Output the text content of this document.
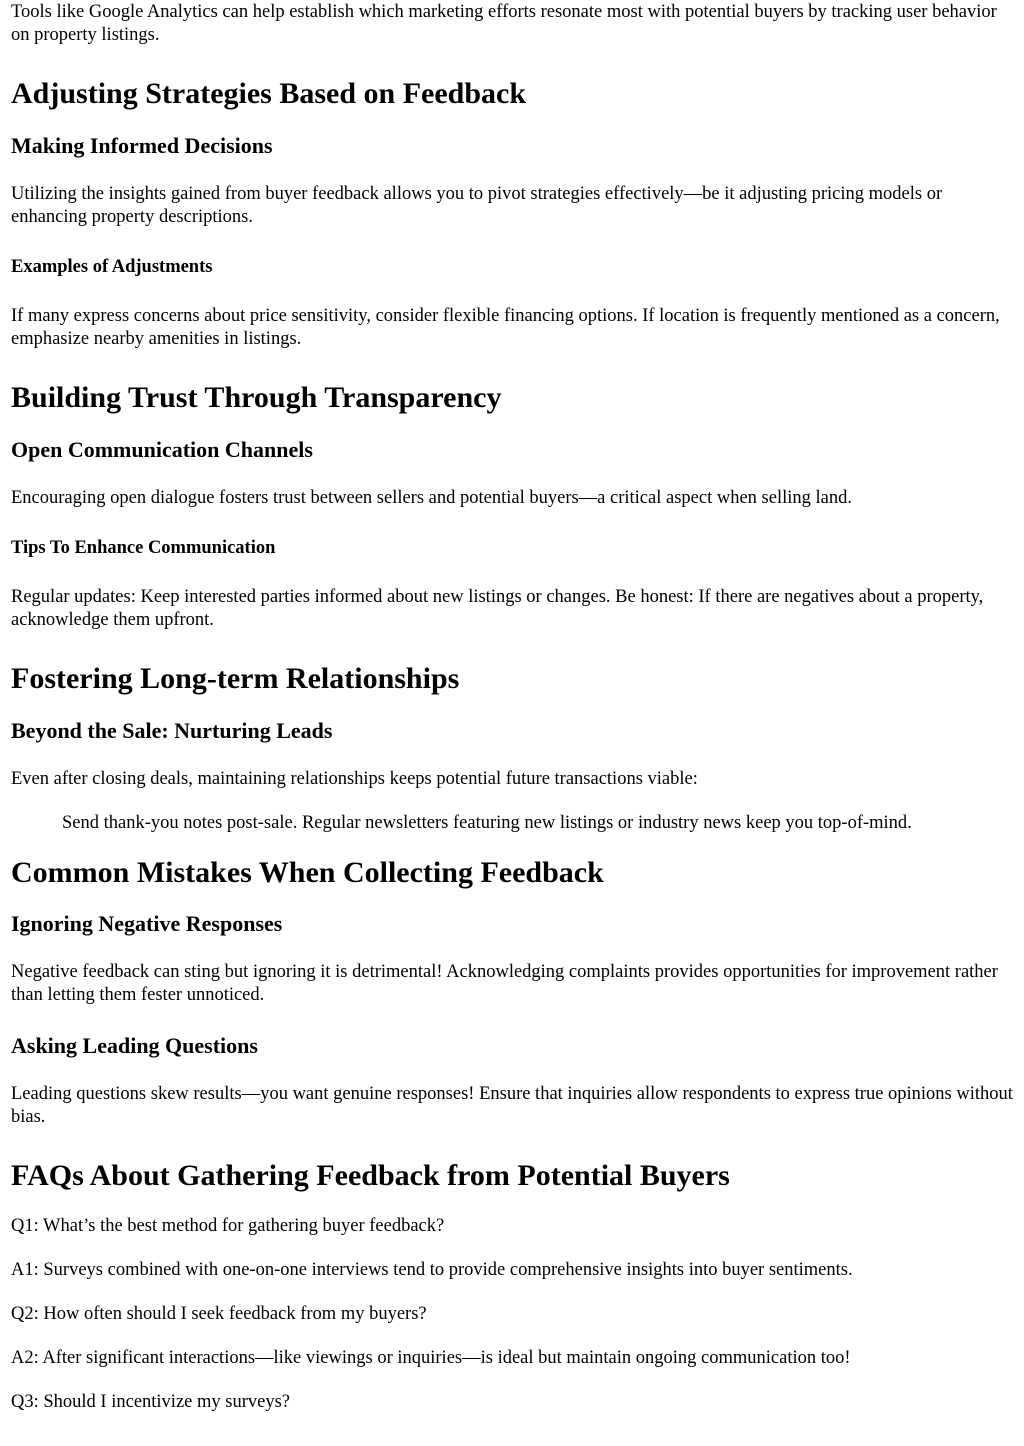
Tools like Google Analytics can help establish which marketing efforts resonate most with potential buyers by tracking user behavior on property listings.

Adjusting Strategies Based on Feedback
Making Informed Decisions

Utilizing the insights gained from buyer feedback allows you to pivot strategies effectively—be it adjusting pricing models or enhancing property descriptions.

Examples of Adjustments

If many express concerns about price sensitivity, consider flexible financing options. If location is frequently mentioned as a concern, emphasize nearby amenities in listings.

Building Trust Through Transparency
Open Communication Channels

Encouraging open dialogue fosters trust between sellers and potential buyers—a critical aspect when selling land.

Tips To Enhance Communication

Regular updates: Keep interested parties informed about new listings or changes. Be honest: If there are negatives about a property, acknowledge them upfront.

Fostering Long-term Relationships
Beyond the Sale: Nurturing Leads

Even after closing deals, maintaining relationships keeps potential future transactions viable:

Send thank-you notes post-sale. Regular newsletters featuring new listings or industry news keep you top-of-mind.

Common Mistakes When Collecting Feedback
Ignoring Negative Responses

Negative feedback can sting but ignoring it is detrimental! Acknowledging complaints provides opportunities for improvement rather than letting them fester unnoticed.

Asking Leading Questions

Leading questions skew results—you want genuine responses! Ensure that inquiries allow respondents to express true opinions without bias.

FAQs About Gathering Feedback from Potential Buyers

Q1: What’s the best method for gathering buyer feedback?

A1: Surveys combined with one-on-one interviews tend to provide comprehensive insights into buyer sentiments.

Q2: How often should I seek feedback from my buyers?

A2: After significant interactions—like viewings or inquiries—is ideal but maintain ongoing communication too!

Q3: Should I incentivize my surveys?
